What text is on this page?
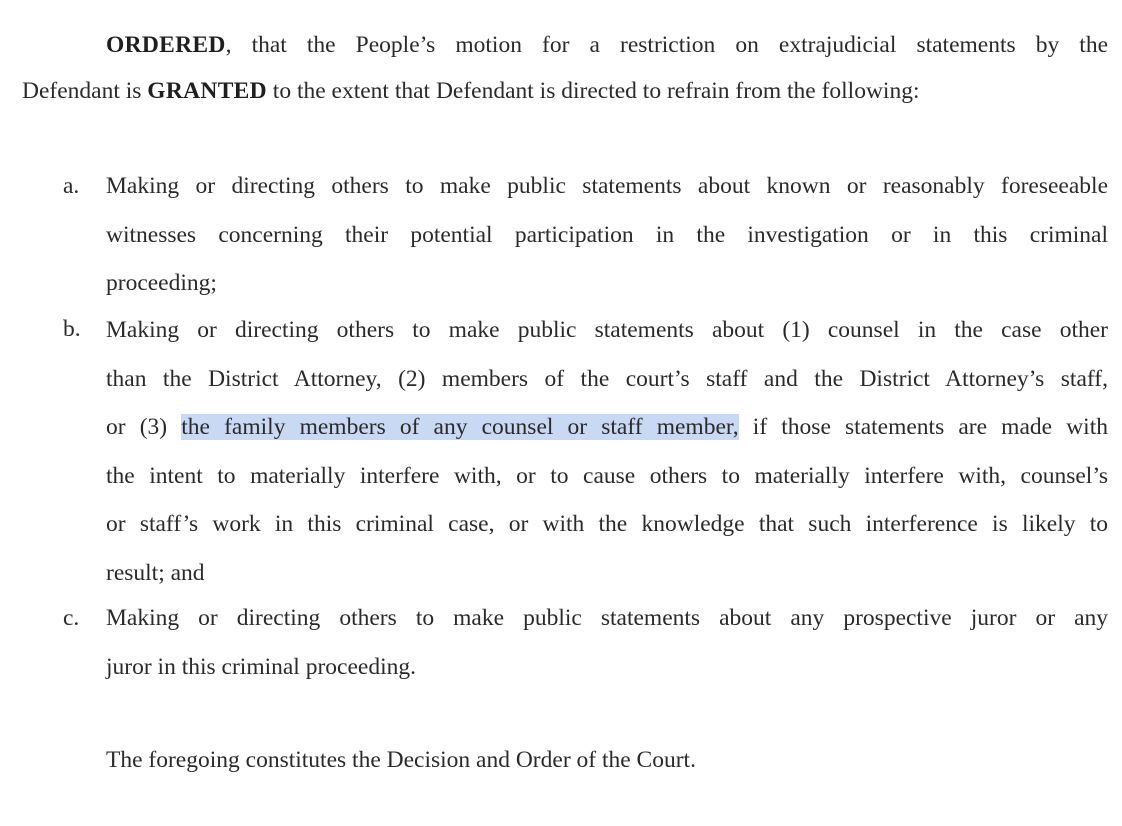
ORDERED, that the People’s motion for a restriction on extrajudicial statements by the
Defendant is GRANTED to the extent that Defendant is directed to refrain from the following:
a. Making or directing others to make public statements about known or reasonably foreseeable
witnesses concerning their potential participation in the investigation or in this criminal
proceeding;
b. Making or directing others to make public statements about (1) counsel in the case other
than the District Attorney, (2) members of the court’s staff and the District Attorney’s staff,
or (3) the family members of any counsel or staff member, if those statements are made with
the intent to materially interfere with, or to cause others to materially interfere with, counsel’s
or staff’s work in this criminal case, or with the knowledge that such interference is likely to
result; and
c. Making or directing others to make public statements about any prospective juror or any
juror in this criminal proceeding.
The foregoing constitutes the Decision and Order of the Court.
